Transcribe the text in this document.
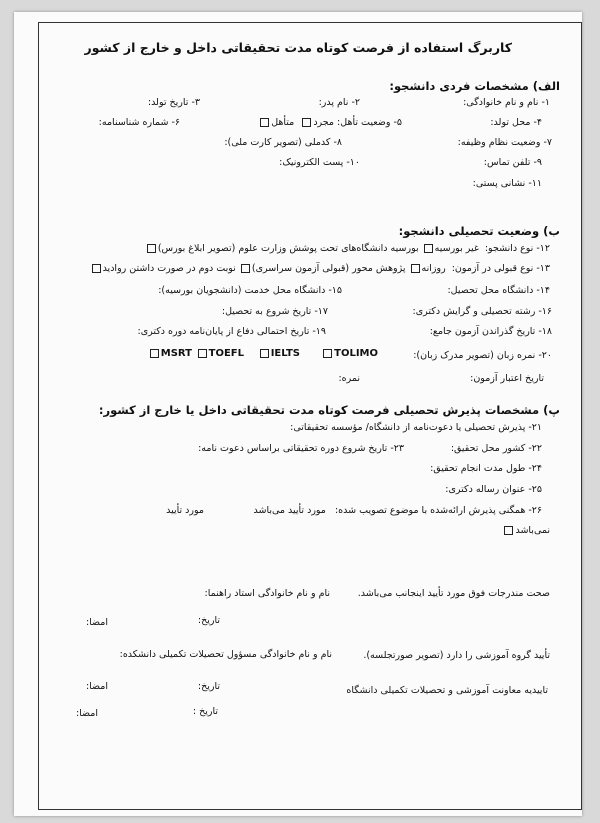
کاربرگ استفاده از فرصت کوتاه مدت تحقیقاتی داخل و خارج از کشور
الف) مشخصات فردی دانشجو:
۱- نام و نام خانوادگی:
۲- نام پدر:
۳- تاریخ تولد:
۴- محل تولد:
۵- وضعیت تأهل: مجرد  متأهل
۶- شماره شناسنامه:
۷- وضعیت نظام وظیفه:
۸- کدملی (تصویر کارت ملی):
۹- تلفن تماس:
۱۰- پست الکترونیک:
۱۱- نشانی پستی:
ب) وضعیت تحصیلی دانشجو:
۱۲- نوع دانشجو:  غیر بورسیه بورسیه دانشگاه‌های تحت پوشش وزارت علوم (تصویر ابلاغ بورس)
۱۳- نوع قبولی در آزمون:  روزانه پژوهش محور (قبولی آزمون سراسری) نوبت دوم در صورت داشتن روادید
۱۴- دانشگاه محل تحصیل:
۱۵- دانشگاه محل خدمت (دانشجویان بورسیه):
۱۶- رشته تحصیلی و گرایش دکتری:
۱۷- تاریخ شروع به تحصیل:
۱۸- تاریخ گذراندن آزمون جامع:
۱۹- تاریخ احتمالی دفاع از پایان‌نامه دوره دکتری:
۲۰- نمره زبان (تصویر مدرک زبان):
TOLIMO
IELTS
TOEFL
MSRT
تاریخ اعتبار آزمون:
نمره:
پ) مشخصات پذیرش تحصیلی فرصت کوتاه مدت تحقیقاتی داخل یا خارج از کشور:
۲۱- پذیرش تحصیلی یا دعوت‌نامه از دانشگاه/ مؤسسه تحقیقاتی:
۲۲- کشور محل تحقیق:
۲۳- تاریخ شروع دوره تحقیقاتی براساس دعوت نامه:
۲۴- طول مدت انجام تحقیق:
۲۵- عنوان رساله دکتری:
۲۶- همگنی پذیرش ارائه‌شده با موضوع تصویب شده:   مورد تأیید می‌باشد
مورد تأیید
نمی‌باشد
صحت مندرجات فوق مورد تأیید اینجانب می‌باشد.
نام و نام خانوادگی استاد راهنما:
تاریخ:
امضا:
تأیید گروه آموزشی را دارد (تصویر صورتجلسه).
نام و نام خانوادگی مسؤول تحصیلات تکمیلی دانشکده:
تاریخ:
امضا:	تاییدیه معاونت آموزشی و تحصیلات تکمیلی دانشگاه
تاریخ :
امضا:
